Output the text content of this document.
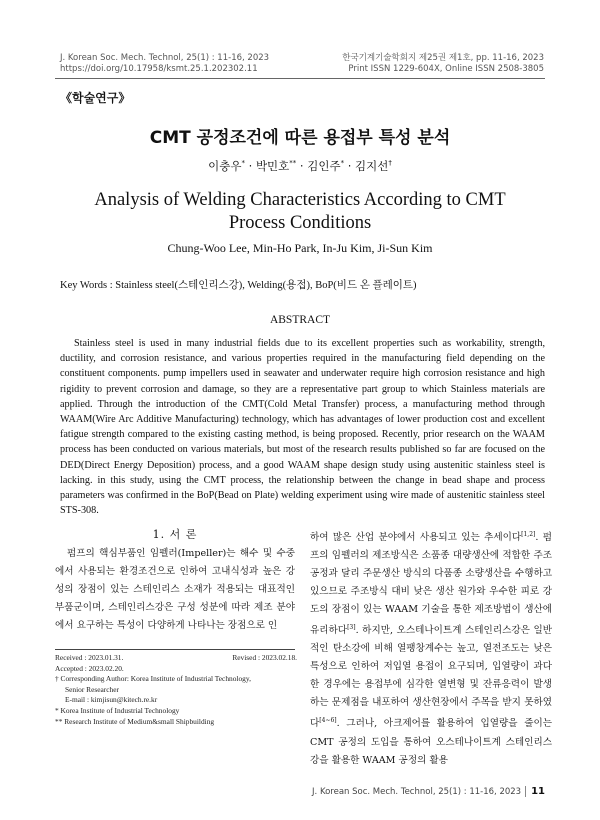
J. Korean Soc. Mech. Technol, 25(1) : 11-16, 2023
https://doi.org/10.17958/ksmt.25.1.202302.11
한국기계기술학회지 제25권 제1호, pp. 11-16, 2023
Print ISSN 1229-604X, Online ISSN 2508-3805
《학술연구》
CMT 공정조건에 따른 용접부 특성 분석
이충우* · 박민호** · 김인주* · 김지선†
Analysis of Welding Characteristics According to CMT
Process Conditions
Chung-Woo Lee, Min-Ho Park, In-Ju Kim, Ji-Sun Kim
Key Words : Stainless steel(스테인리스강), Welding(용접), BoP(비드 온 플레이트)
ABSTRACT
Stainless steel is used in many industrial fields due to its excellent properties such as workability, strength, ductility, and corrosion resistance, and various properties required in the manufacturing field depending on the constituent components. pump impellers used in seawater and underwater require high corrosion resistance and high rigidity to prevent corrosion and damage, so they are a representative part group to which Stainless materials are applied. Through the introduction of the CMT(Cold Metal Transfer) process, a manufacturing method through WAAM(Wire Arc Additive Manufacturing) technology, which has advantages of lower production cost and excellent fatigue strength compared to the existing casting method, is being proposed. Recently, prior research on the WAAM process has been conducted on various materials, but most of the research results published so far are focused on the DED(Direct Energy Deposition) process, and a good WAAM shape design study using austenitic stainless steel is lacking. in this study, using the CMT process, the relationship between the change in bead shape and process parameters was confirmed in the BoP(Bead on Plate) welding experiment using wire made of austenitic stainless steel STS-308.
1. 서 론

펌프의 핵심부품인 임펠러(Impeller)는 해수 및 수중에서 사용되는 환경조건으로 인하여 고내식성과 높은 강성의 장점이 있는 스테인리스 소재가 적용되는 대표적인 부품군이며, 스테인리스강은 구성 성분에 따라 제조 분야에서 요구하는 특성이 다양하게 나타나는 장점으로 인

하여 많은 산업 분야에서 사용되고 있는 추세이다[1,2]. 펌프의 임펠러의 제조방식은 소품종 대량생산에 적합한 주조공정과 달리 주문생산 방식의 다품종 소량생산을 수행하고 있으므로 주조방식 대비 낮은 생산 원가와 우수한 피로 강도의 장점이 있는 WAAM 기술을 통한 제조방법이 생산에 유리하다[3]. 하지만, 오스테나이트계 스테인리스강은 일반적인 탄소강에 비해 열팽창계수는 높고, 열전조도는 낮은 특성으로 인하여 저입열 용접이 요구되며, 입열량이 과다한 경우에는 용접부에 심각한 열변형 및 잔류응력이 발생하는 문제점을 내포하여 생산현장에서 주목을 받지 못하였다[4~6]. 그러나, 아크제어를 활용하여 입열량을 줄이는 CMT 공정의 도입을 통하여 오스테나이트계 스테인리스강을 활용한 WAAM 공정의 활용

Received : 2023.01.31.	Revised : 2023.02.18.
Accepted : 2023.02.20.
† Corresponding Author: Korea Institute of Industrial Technology,
Senior Researcher
E-mail : kimjisun@kitech.re.kr
* Korea Institute of Industrial Technology
** Research Institute of Medium&small Shipbuilding
J. Korean Soc. Mech. Technol, 25(1) : 11-16, 2023 11
